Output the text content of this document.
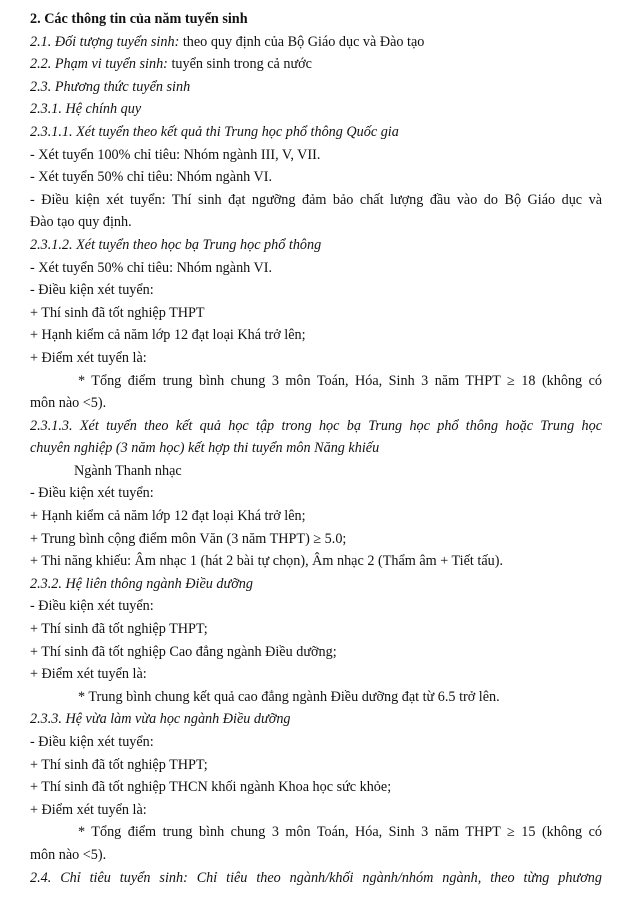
2. Các thông tin của năm tuyển sinh

2.1. Đối tượng tuyển sinh: theo quy định của Bộ Giáo dục và Đào tạo

2.2. Phạm vi tuyển sinh: tuyển sinh trong cả nước

2.3. Phương thức tuyển sinh

2.3.1. Hệ chính quy

2.3.1.1. Xét tuyển theo kết quả thi Trung học phổ thông Quốc gia

- Xét tuyển 100% chỉ tiêu: Nhóm ngành III, V, VII.

- Xét tuyển 50% chỉ tiêu: Nhóm ngành VI.

- Điều kiện xét tuyển: Thí sinh đạt ngưỡng đảm bảo chất lượng đầu vào do Bộ Giáo dục và

Đào tạo quy định.

2.3.1.2. Xét tuyển theo học bạ Trung học phổ thông

- Xét tuyển 50% chỉ tiêu: Nhóm ngành VI.

- Điều kiện xét tuyển:

+ Thí sinh đã tốt nghiệp THPT

+ Hạnh kiểm cả năm lớp 12 đạt loại Khá trở lên;

+ Điểm xét tuyển là:

* Tổng điểm trung bình chung 3 môn Toán, Hóa, Sinh 3 năm THPT ≥ 18 (không có

môn nào <5).

2.3.1.3. Xét tuyển theo kết quả học tập trong học bạ Trung học phổ thông hoặc Trung học

chuyên nghiệp (3 năm học) kết hợp thi tuyển môn Năng khiếu

Ngành Thanh nhạc

- Điều kiện xét tuyển:

+ Hạnh kiểm cả năm lớp 12 đạt loại Khá trở lên;

+ Trung bình cộng điểm môn Văn (3 năm THPT) ≥ 5.0;

+ Thi năng khiếu: Âm nhạc 1 (hát 2 bài tự chọn), Âm nhạc 2 (Thẩm âm + Tiết tấu).

2.3.2. Hệ liên thông ngành Điều dưỡng

- Điều kiện xét tuyển:

+ Thí sinh đã tốt nghiệp THPT;

+ Thí sinh đã tốt nghiệp Cao đẳng ngành Điều dưỡng;

+ Điểm xét tuyển là:

* Trung bình chung kết quả cao đẳng ngành Điều dưỡng đạt từ 6.5 trở lên.

2.3.3. Hệ vừa làm vừa học ngành Điều dưỡng

- Điều kiện xét tuyển:

+ Thí sinh đã tốt nghiệp THPT;

+ Thí sinh đã tốt nghiệp THCN khối ngành Khoa học sức khỏe;

+ Điểm xét tuyển là:

* Tổng điểm trung bình chung 3 môn Toán, Hóa, Sinh 3 năm THPT ≥ 15 (không có

môn nào <5).

2.4. Chỉ tiêu tuyển sinh: Chỉ tiêu theo ngành/khối ngành/nhóm ngành, theo từng phương
